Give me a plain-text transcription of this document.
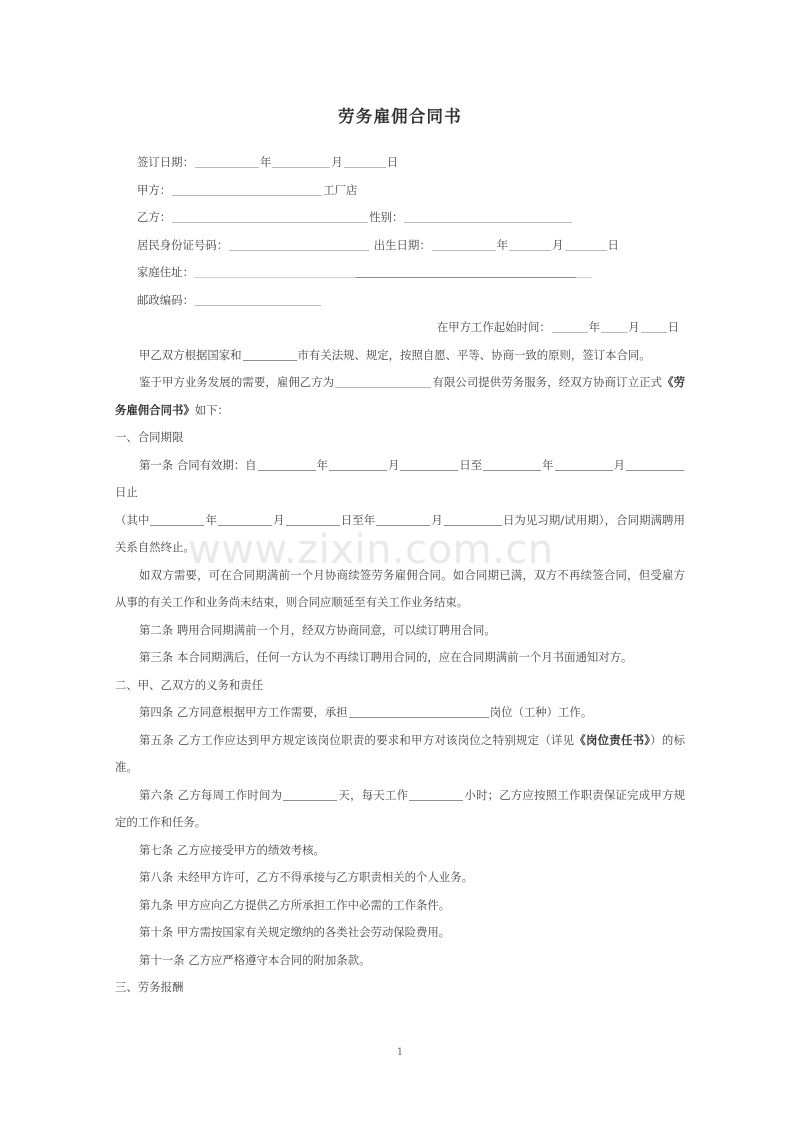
www.zixin.com.cn
劳务雇佣合同书
签订日期：	年	月	日
甲方：	工厂店
乙方：	性别：
居民身份证号码：	出生日期：	年	月	日
家庭住址：
邮政编码：
在甲方工作起始时间：	年 月 日

甲乙双方根据国家和	市有关法规、规定，按照自愿、平等、协商一致的原则，签订本合同。

鉴于甲方业务发展的需要，雇佣乙方为	有限公司提供劳务服务，经双方协商订立正式《劳务雇佣合同书》如下：

一、合同期限

第一条 合同有效期：自	年	月	日至	年	月日止
（其中	年	月	日至年	月	日为见习期/试用期），合同期满聘用关系自然终止。

如双方需要，可在合同期满前一个月协商续签劳务雇佣合同。如合同期已满，双方不再续签合同，但受雇方从事的有关工作和业务尚未结束，则合同应顺延至有关工作业务结束。

第二条 聘用合同期满前一个月，经双方协商同意，可以续订聘用合同。

第三条 本合同期满后，任何一方认为不再续订聘用合同的，应在合同期满前一个月书面通知对方。

二、甲、乙双方的义务和责任

第四条 乙方同意根据甲方工作需要，承担	岗位（工种）工作。

第五条 乙方工作应达到甲方规定该岗位职责的要求和甲方对该岗位之特别规定（详见《岗位责任书》）的标准。

第六条 乙方每周工作时间为	天，每天工作	小时；乙方应按照工作职责保证完成甲方规定的工作和任务。

第七条 乙方应接受甲方的绩效考核。

第八条 未经甲方许可，乙方不得承接与乙方职责相关的个人业务。

第九条 甲方应向乙方提供乙方所承担工作中必需的工作条件。

第十条 甲方需按国家有关规定缴纳的各类社会劳动保险费用。

第十一条 乙方应严格遵守本合同的附加条款。

三、劳务报酬

1
